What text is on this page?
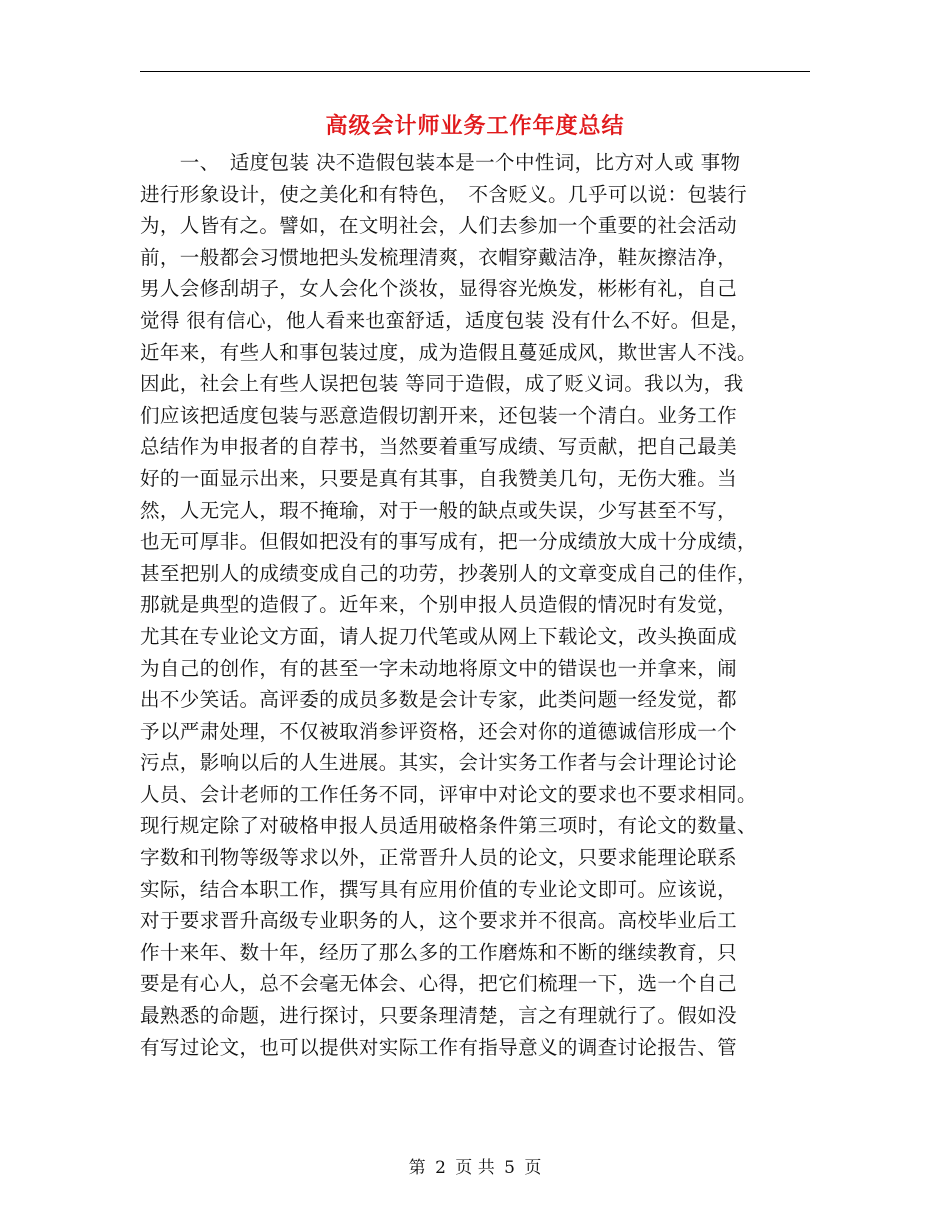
高级会计师业务工作年度总结
　　一、　适度包装 决不造假包装本是一个中性词，比方对人或 事物
进行形象设计，使之美化和有特色，　不含贬义。几乎可以说：包装行
为，人皆有之。譬如，在文明社会，人们去参加一个重要的社会活动
前，一般都会习惯地把头发梳理清爽，衣帽穿戴洁净，鞋灰擦洁净，
男人会修刮胡子，女人会化个淡妆，显得容光焕发，彬彬有礼，自己
觉得 很有信心，他人看来也蛮舒适，适度包装 没有什么不好。但是，
近年来，有些人和事包装过度，成为造假且蔓延成风，欺世害人不浅。
因此，社会上有些人误把包装 等同于造假，成了贬义词。我以为，我
们应该把适度包装与恶意造假切割开来，还包装一个清白。业务工作
总结作为申报者的自荐书，当然要着重写成绩、写贡献，把自己最美
好的一面显示出来，只要是真有其事，自我赞美几句，无伤大雅。当
然，人无完人，瑕不掩瑜，对于一般的缺点或失误，少写甚至不写，
也无可厚非。但假如把没有的事写成有，把一分成绩放大成十分成绩，
甚至把别人的成绩变成自己的功劳，抄袭别人的文章变成自己的佳作，
那就是典型的造假了。近年来，个别申报人员造假的情况时有发觉，
尤其在专业论文方面，请人捉刀代笔或从网上下载论文，改头换面成
为自己的创作，有的甚至一字未动地将原文中的错误也一并拿来，闹
出不少笑话。高评委的成员多数是会计专家，此类问题一经发觉，都
予以严肃处理，不仅被取消参评资格，还会对你的道德诚信形成一个
污点，影响以后的人生进展。其实，会计实务工作者与会计理论讨论
人员、会计老师的工作任务不同，评审中对论文的要求也不要求相同。
现行规定除了对破格申报人员适用破格条件第三项时，有论文的数量、
字数和刊物等级等求以外，正常晋升人员的论文，只要求能理论联系
实际，结合本职工作，撰写具有应用价值的专业论文即可。应该说，
对于要求晋升高级专业职务的人，这个要求并不很高。高校毕业后工
作十来年、数十年，经历了那么多的工作磨炼和不断的继续教育，只
要是有心人，总不会毫无体会、心得，把它们梳理一下，选一个自己
最熟悉的命题，进行探讨，只要条理清楚，言之有理就行了。假如没
有写过论文，也可以提供对实际工作有指导意义的调查讨论报告、管
第 2 页 共 5 页
